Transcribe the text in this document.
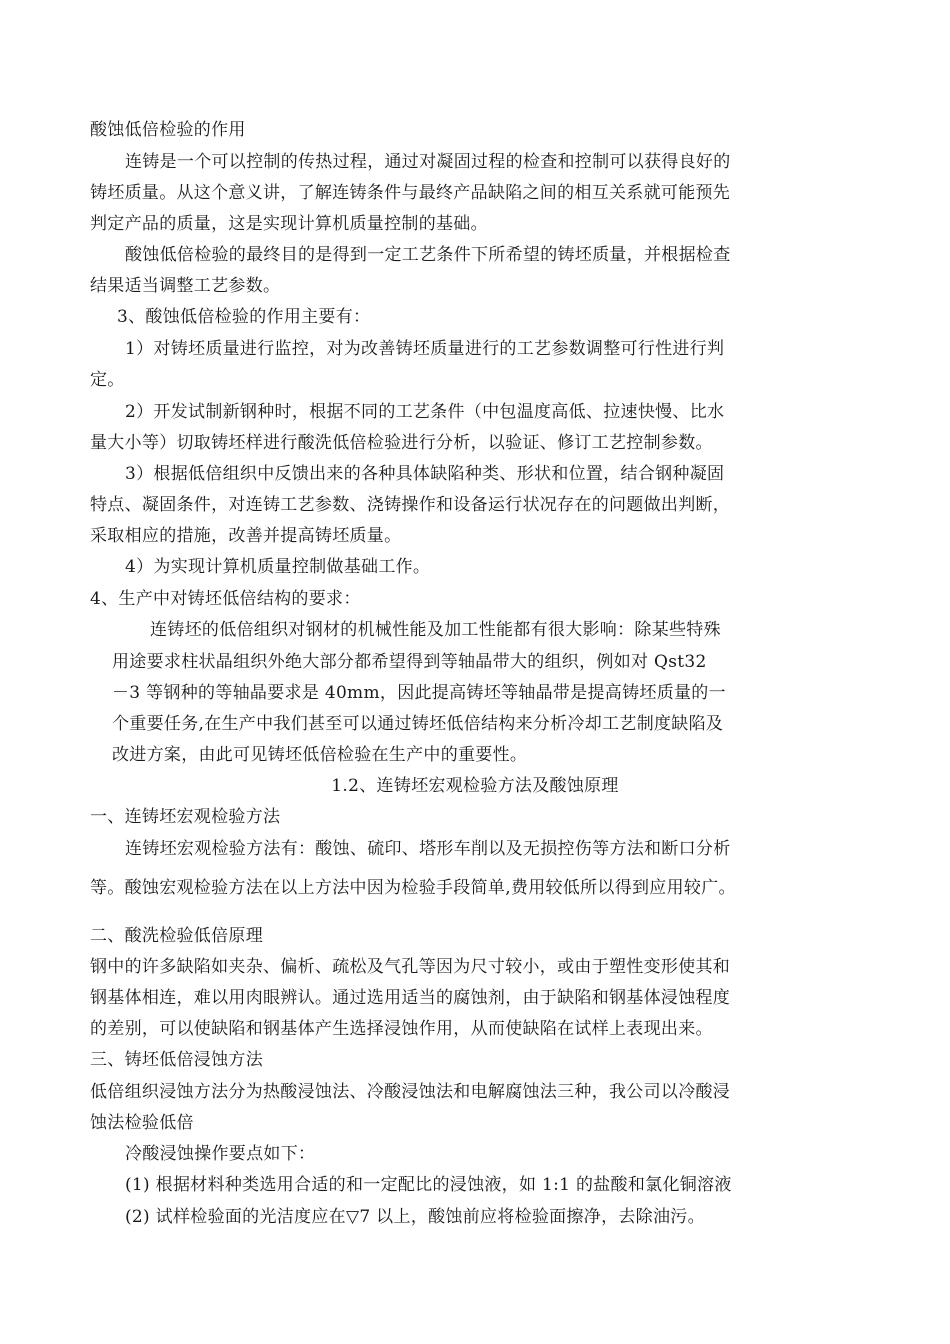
酸蚀低倍检验的作用
连铸是一个可以控制的传热过程，通过对凝固过程的检查和控制可以获得良好的
铸坯质量。从这个意义讲，了解连铸条件与最终产品缺陷之间的相互关系就可能预先
判定产品的质量，这是实现计算机质量控制的基础。
酸蚀低倍检验的最终目的是得到一定工艺条件下所希望的铸坯质量，并根据检查
结果适当调整工艺参数。
3、酸蚀低倍检验的作用主要有：
1）对铸坯质量进行监控，对为改善铸坯质量进行的工艺参数调整可行性进行判
定。
2）开发试制新钢种时，根据不同的工艺条件（中包温度高低、拉速快慢、比水
量大小等）切取铸坯样进行酸洗低倍检验进行分析，以验证、修订工艺控制参数。
3）根据低倍组织中反馈出来的各种具体缺陷种类、形状和位置，结合钢种凝固
特点、凝固条件，对连铸工艺参数、浇铸操作和设备运行状况存在的问题做出判断，
采取相应的措施，改善并提高铸坯质量。
4）为实现计算机质量控制做基础工作。
4、生产中对铸坯低倍结构的要求：
连铸坯的低倍组织对钢材的机械性能及加工性能都有很大影响：除某些特殊
用途要求柱状晶组织外绝大部分都希望得到等轴晶带大的组织，例如对 Qst32
－3 等钢种的等轴晶要求是 40mm，因此提高铸坯等轴晶带是提高铸坯质量的一
个重要任务,在生产中我们甚至可以通过铸坯低倍结构来分析冷却工艺制度缺陷及
改进方案，由此可见铸坯低倍检验在生产中的重要性。
1.2、连铸坯宏观检验方法及酸蚀原理
一、连铸坯宏观检验方法
连铸坯宏观检验方法有：酸蚀、硫印、塔形车削以及无损控伤等方法和断口分析
等。酸蚀宏观检验方法在以上方法中因为检验手段简单,费用较低所以得到应用较广。
二、酸洗检验低倍原理
钢中的许多缺陷如夹杂、偏析、疏松及气孔等因为尺寸较小，或由于塑性变形使其和
钢基体相连，难以用肉眼辨认。通过选用适当的腐蚀剂，由于缺陷和钢基体浸蚀程度
的差别，可以使缺陷和钢基体产生选择浸蚀作用，从而使缺陷在试样上表现出来。
三、铸坯低倍浸蚀方法
低倍组织浸蚀方法分为热酸浸蚀法、冷酸浸蚀法和电解腐蚀法三种，我公司以冷酸浸
蚀法检验低倍
冷酸浸蚀操作要点如下：
(1) 根据材料种类选用合适的和一定配比的浸蚀液，如 1:1 的盐酸和氯化铜溶液
(2) 试样检验面的光洁度应在▽7 以上，酸蚀前应将检验面擦净，去除油污。
